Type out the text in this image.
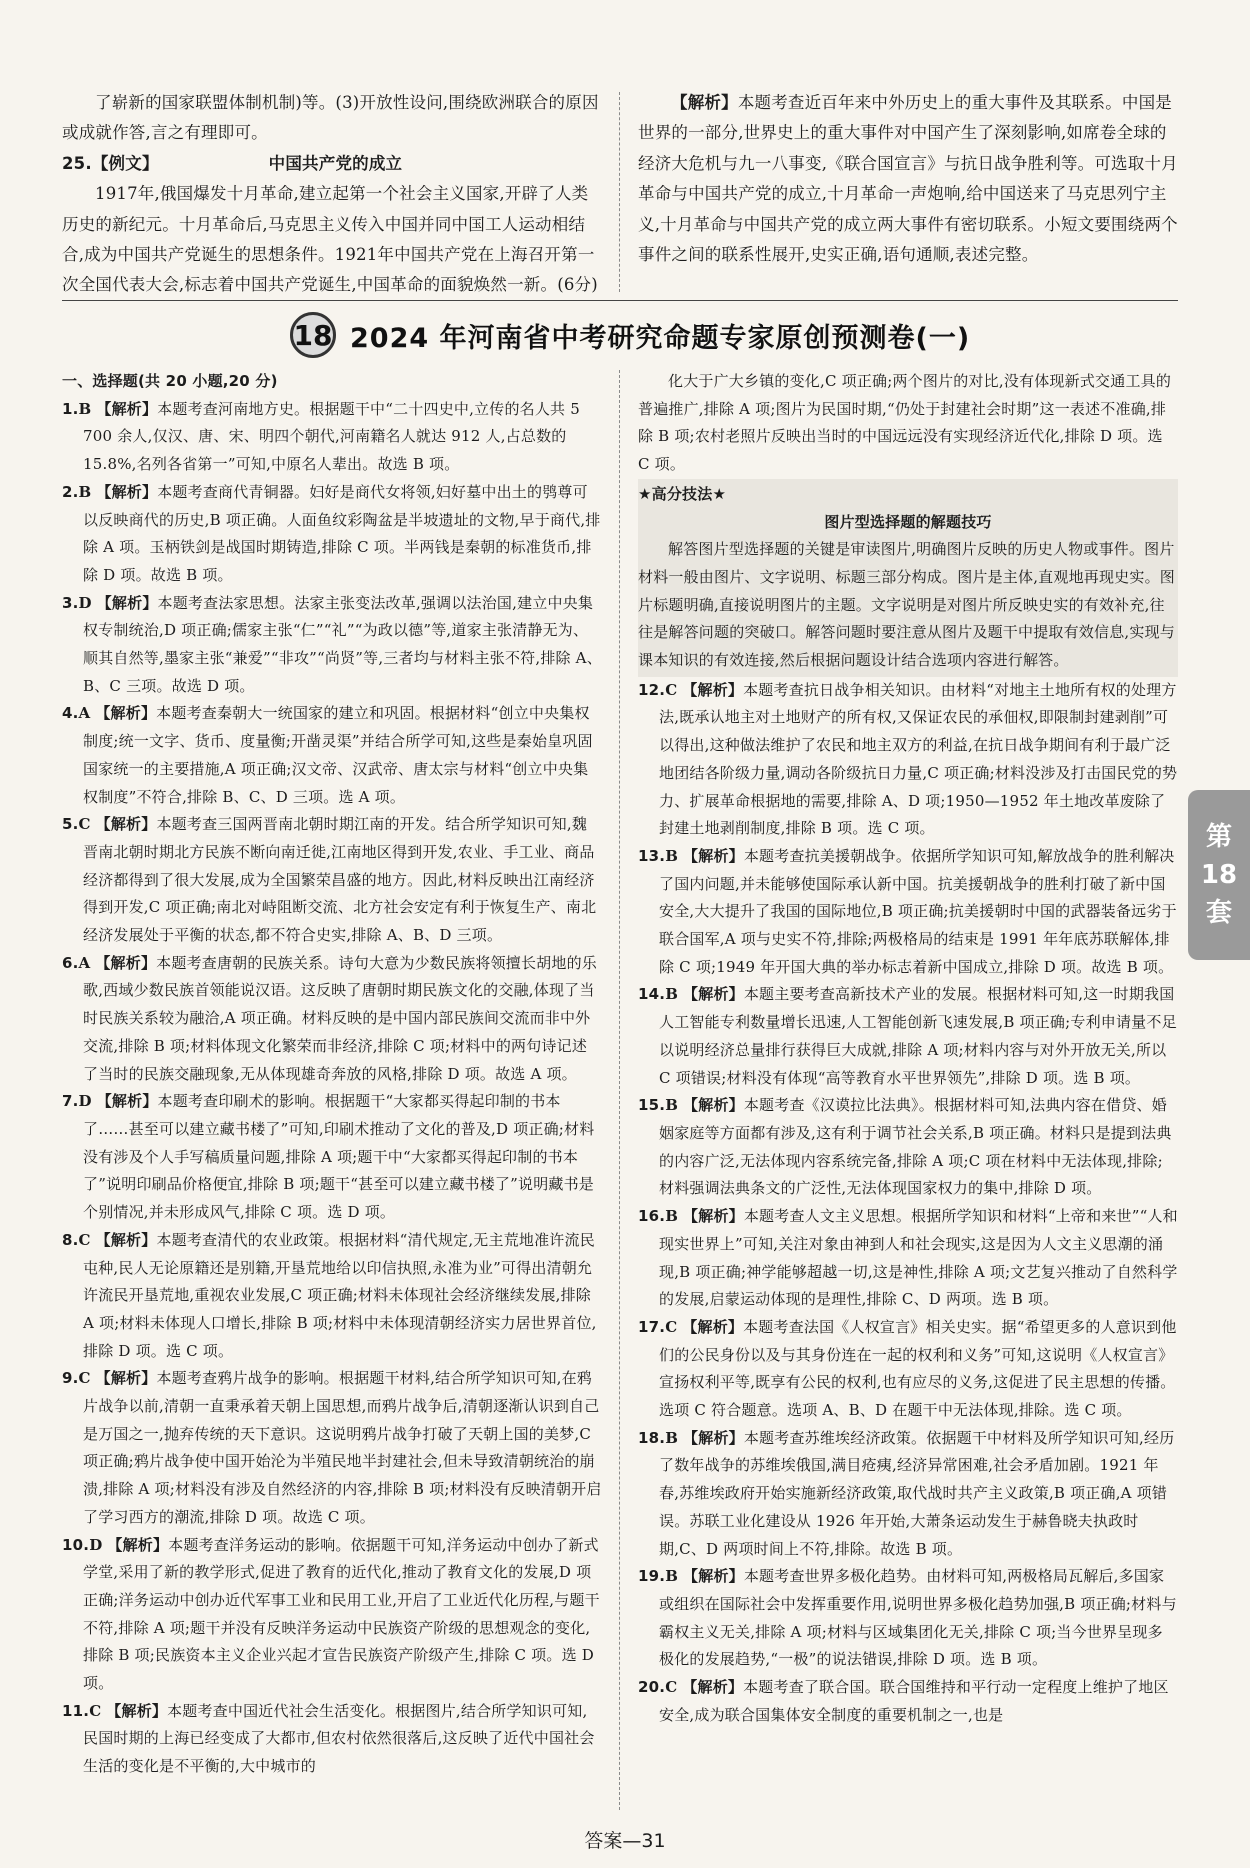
了崭新的国家联盟体制机制)等。(3)开放性设问,围绕欧洲联合的原因或成就作答,言之有理即可。

25.【例文】	中国共产党的成立

1917年,俄国爆发十月革命,建立起第一个社会主义国家,开辟了人类历史的新纪元。十月革命后,马克思主义传入中国并同中国工人运动相结合,成为中国共产党诞生的思想条件。1921年中国共产党在上海召开第一次全国代表大会,标志着中国共产党诞生,中国革命的面貌焕然一新。(6分)

【解析】本题考查近百年来中外历史上的重大事件及其联系。中国是世界的一部分,世界史上的重大事件对中国产生了深刻影响,如席卷全球的经济大危机与九一八事变,《联合国宣言》与抗日战争胜利等。可选取十月革命与中国共产党的成立,十月革命一声炮响,给中国送来了马克思列宁主义,十月革命与中国共产党的成立两大事件有密切联系。小短文要围绕两个事件之间的联系性展开,史实正确,语句通顺,表述完整。

18 2024 年河南省中考研究命题专家原创预测卷(一)

一、选择题(共 20 小题,20 分)

1.B 【解析】本题考查河南地方史。根据题干中“二十四史中,立传的名人共 5 700 余人,仅汉、唐、宋、明四个朝代,河南籍名人就达 912 人,占总数的 15.8%,名列各省第一”可知,中原名人辈出。故选 B 项。

2.B 【解析】本题考查商代青铜器。妇好是商代女将领,妇好墓中出土的鸮尊可以反映商代的历史,B 项正确。人面鱼纹彩陶盆是半坡遗址的文物,早于商代,排除 A 项。玉柄铁剑是战国时期铸造,排除 C 项。半两钱是秦朝的标准货币,排除 D 项。故选 B 项。

3.D 【解析】本题考查法家思想。法家主张变法改革,强调以法治国,建立中央集权专制统治,D 项正确;儒家主张“仁”“礼”“为政以德”等,道家主张清静无为、顺其自然等,墨家主张“兼爱”“非攻”“尚贤”等,三者均与材料主张不符,排除 A、B、C 三项。故选 D 项。

4.A 【解析】本题考查秦朝大一统国家的建立和巩固。根据材料“创立中央集权制度;统一文字、货币、度量衡;开凿灵渠”并结合所学可知,这些是秦始皇巩固国家统一的主要措施,A 项正确;汉文帝、汉武帝、唐太宗与材料“创立中央集权制度”不符合,排除 B、C、D 三项。选 A 项。

5.C 【解析】本题考查三国两晋南北朝时期江南的开发。结合所学知识可知,魏晋南北朝时期北方民族不断向南迁徙,江南地区得到开发,农业、手工业、商品经济都得到了很大发展,成为全国繁荣昌盛的地方。因此,材料反映出江南经济得到开发,C 项正确;南北对峙阻断交流、北方社会安定有利于恢复生产、南北经济发展处于平衡的状态,都不符合史实,排除 A、B、D 三项。

6.A 【解析】本题考查唐朝的民族关系。诗句大意为少数民族将领擅长胡地的乐歌,西域少数民族首领能说汉语。这反映了唐朝时期民族文化的交融,体现了当时民族关系较为融洽,A 项正确。材料反映的是中国内部民族间交流而非中外交流,排除 B 项;材料体现文化繁荣而非经济,排除 C 项;材料中的两句诗记述了当时的民族交融现象,无从体现雄奇奔放的风格,排除 D 项。故选 A 项。

7.D 【解析】本题考查印刷术的影响。根据题干“大家都买得起印制的书本了……甚至可以建立藏书楼了”可知,印刷术推动了文化的普及,D 项正确;材料没有涉及个人手写稿质量问题,排除 A 项;题干中“大家都买得起印制的书本了”说明印刷品价格便宜,排除 B 项;题干“甚至可以建立藏书楼了”说明藏书是个别情况,并未形成风气,排除 C 项。选 D 项。

8.C 【解析】本题考查清代的农业政策。根据材料“清代规定,无主荒地准许流民屯种,民人无论原籍还是别籍,开垦荒地给以印信执照,永准为业”可得出清朝允许流民开垦荒地,重视农业发展,C 项正确;材料未体现社会经济继续发展,排除 A 项;材料未体现人口增长,排除 B 项;材料中未体现清朝经济实力居世界首位,排除 D 项。选 C 项。

9.C 【解析】本题考查鸦片战争的影响。根据题干材料,结合所学知识可知,在鸦片战争以前,清朝一直秉承着天朝上国思想,而鸦片战争后,清朝逐渐认识到自己是万国之一,抛弃传统的天下意识。这说明鸦片战争打破了天朝上国的美梦,C 项正确;鸦片战争使中国开始沦为半殖民地半封建社会,但未导致清朝统治的崩溃,排除 A 项;材料没有涉及自然经济的内容,排除 B 项;材料没有反映清朝开启了学习西方的潮流,排除 D 项。故选 C 项。

10.D 【解析】本题考查洋务运动的影响。依据题干可知,洋务运动中创办了新式学堂,采用了新的教学形式,促进了教育的近代化,推动了教育文化的发展,D 项正确;洋务运动中创办近代军事工业和民用工业,开启了工业近代化历程,与题干不符,排除 A 项;题干并没有反映洋务运动中民族资产阶级的思想观念的变化,排除 B 项;民族资本主义企业兴起才宣告民族资产阶级产生,排除 C 项。选 D 项。

11.C 【解析】本题考查中国近代社会生活变化。根据图片,结合所学知识可知,民国时期的上海已经变成了大都市,但农村依然很落后,这反映了近代中国社会生活的变化是不平衡的,大中城市的

化大于广大乡镇的变化,C 项正确;两个图片的对比,没有体现新式交通工具的普遍推广,排除 A 项;图片为民国时期,“仍处于封建社会时期”这一表述不准确,排除 B 项;农村老照片反映出当时的中国远远没有实现经济近代化,排除 D 项。选 C 项。

★高分技法★

图片型选择题的解题技巧

解答图片型选择题的关键是审读图片,明确图片反映的历史人物或事件。图片材料一般由图片、文字说明、标题三部分构成。图片是主体,直观地再现史实。图片标题明确,直接说明图片的主题。文字说明是对图片所反映史实的有效补充,往往是解答问题的突破口。解答问题时要注意从图片及题干中提取有效信息,实现与课本知识的有效连接,然后根据问题设计结合选项内容进行解答。

12.C 【解析】本题考查抗日战争相关知识。由材料“对地主土地所有权的处理方法,既承认地主对土地财产的所有权,又保证农民的承佃权,即限制封建剥削”可以得出,这种做法维护了农民和地主双方的利益,在抗日战争期间有利于最广泛地团结各阶级力量,调动各阶级抗日力量,C 项正确;材料没涉及打击国民党的势力、扩展革命根据地的需要,排除 A、D 项;1950—1952 年土地改革废除了封建土地剥削制度,排除 B 项。选 C 项。

13.B 【解析】本题考查抗美援朝战争。依据所学知识可知,解放战争的胜利解决了国内问题,并未能够使国际承认新中国。抗美援朝战争的胜利打破了新中国安全,大大提升了我国的国际地位,B 项正确;抗美援朝时中国的武器装备远劣于联合国军,A 项与史实不符,排除;两极格局的结束是 1991 年年底苏联解体,排除 C 项;1949 年开国大典的举办标志着新中国成立,排除 D 项。故选 B 项。

14.B 【解析】本题主要考查高新技术产业的发展。根据材料可知,这一时期我国人工智能专利数量增长迅速,人工智能创新飞速发展,B 项正确;专利申请量不足以说明经济总量排行获得巨大成就,排除 A 项;材料内容与对外开放无关,所以 C 项错误;材料没有体现“高等教育水平世界领先”,排除 D 项。选 B 项。

15.B 【解析】本题考查《汉谟拉比法典》。根据材料可知,法典内容在借贷、婚姻家庭等方面都有涉及,这有利于调节社会关系,B 项正确。材料只是提到法典的内容广泛,无法体现内容系统完备,排除 A 项;C 项在材料中无法体现,排除;材料强调法典条文的广泛性,无法体现国家权力的集中,排除 D 项。

16.B 【解析】本题考查人文主义思想。根据所学知识和材料“上帝和来世”“人和现实世界上”可知,关注对象由神到人和社会现实,这是因为人文主义思潮的涌现,B 项正确;神学能够超越一切,这是神性,排除 A 项;文艺复兴推动了自然科学的发展,启蒙运动体现的是理性,排除 C、D 两项。选 B 项。

17.C 【解析】本题考查法国《人权宣言》相关史实。据“希望更多的人意识到他们的公民身份以及与其身份连在一起的权利和义务”可知,这说明《人权宣言》宣扬权利平等,既享有公民的权利,也有应尽的义务,这促进了民主思想的传播。选项 C 符合题意。选项 A、B、D 在题干中无法体现,排除。选 C 项。

18.B 【解析】本题考查苏维埃经济政策。依据题干中材料及所学知识可知,经历了数年战争的苏维埃俄国,满目疮痍,经济异常困难,社会矛盾加剧。1921 年春,苏维埃政府开始实施新经济政策,取代战时共产主义政策,B 项正确,A 项错误。苏联工业化建设从 1926 年开始,大萧条运动发生于赫鲁晓夫执政时期,C、D 两项时间上不符,排除。故选 B 项。

19.B 【解析】本题考查世界多极化趋势。由材料可知,两极格局瓦解后,多国家或组织在国际社会中发挥重要作用,说明世界多极化趋势加强,B 项正确;材料与霸权主义无关,排除 A 项;材料与区域集团化无关,排除 C 项;当今世界呈现多极化的发展趋势,“一极”的说法错误,排除 D 项。选 B 项。

20.C 【解析】本题考查了联合国。联合国维持和平行动一定程度上维护了地区安全,成为联合国集体安全制度的重要机制之一,也是

第
18
套
答案—31
